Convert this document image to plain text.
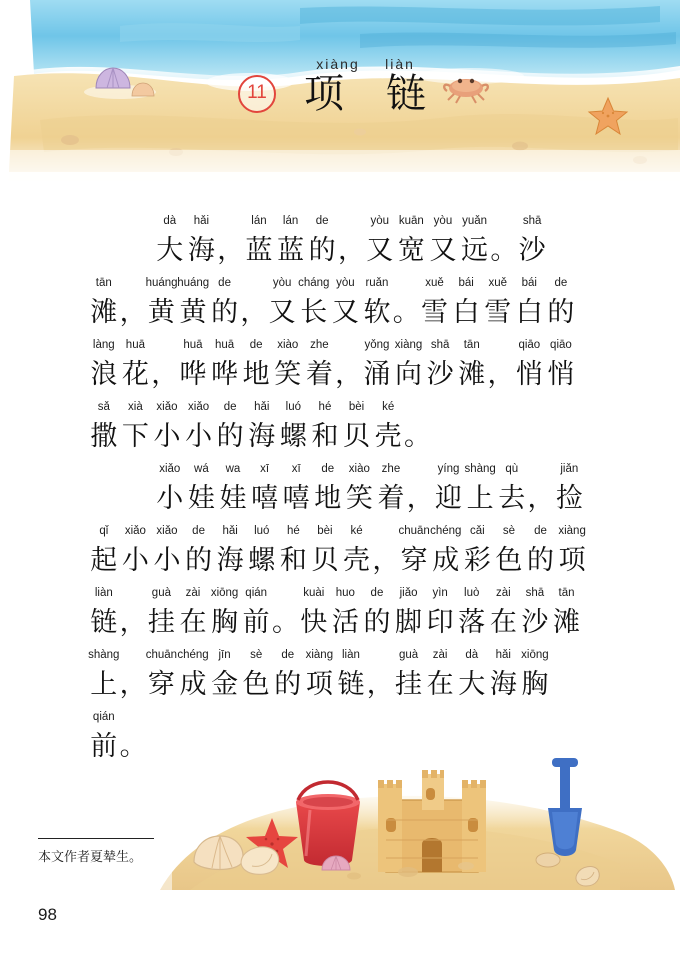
11
xiàng liàn
项 链
dà hǎi	lán lán de	yòu kuān yòu yuǎn	shā
大 海，蓝 蓝 的，又 宽 又 远。沙
tān	huánghuáng de	yòu cháng yòu ruǎn	xuě bái xuě bái de
滩，黄 黄 的，又 长 又 软。雪 白 雪 白 的
làng huā	huā huā de xiào zhe	yǒng xiàng shā tān	qiāo qiāo
浪 花，哗 哗 地 笑 着，涌 向 沙 滩，悄 悄
sǎ xià xiǎo xiǎo de hǎi luó hé bèi ké
撒 下 小 小 的 海 螺 和 贝 壳。
xiǎo wá wa xī xī de xiào zhe	yíng shàng qù	jiǎn
小 娃 娃 嘻 嘻 地 笑 着，迎 上 去，捡
qǐ xiǎo xiǎo de hǎi luó hé bèi ké	chuānchéng cǎi sè de xiàng
起 小 小 的 海 螺 和 贝 壳，穿 成 彩 色 的 项
liàn	guà zài xiōng qián	kuài huo de jiǎo yìn luò zài shā tān
链，挂 在 胸 前。快 活 的 脚 印 落 在 沙 滩
shàng chuānchéng jīn sè de xiàng liàn	guà zài dà hǎi xiōng
上，穿 成 金 色 的 项 链，挂 在 大 海 胸
qián
前。
本文作者夏辇生。
98
